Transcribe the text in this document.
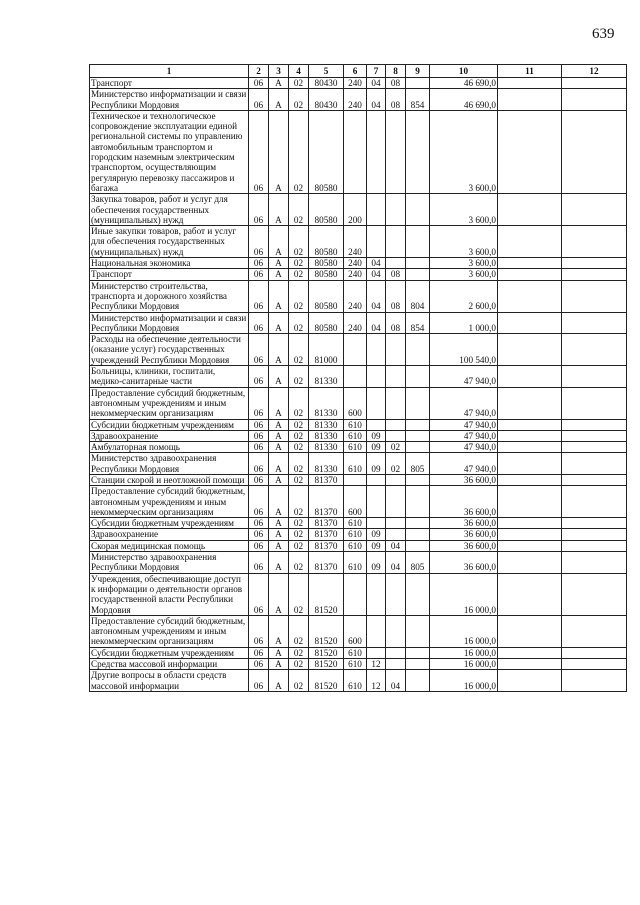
639
1	2	3	4	5	6	7	8	9	10	11	12
Транспорт	06	А	02	80430	240	04	08		46 690,0		
Министерство информатизации и связи Республики Мордовия	06	А	02	80430	240	04	08	854	46 690,0		
Техническое и технологическое сопровождение эксплуатации единой региональной системы по управлению автомобильным транспортом и городским наземным электрическим транспортом, осуществляющим регулярную перевозку пассажиров и багажа	06	А	02	80580					3 600,0		
Закупка товаров, работ и услуг для обеспечения государственных (муниципальных) нужд	06	А	02	80580	200				3 600,0		
Иные закупки товаров, работ и услуг для обеспечения государственных (муниципальных) нужд	06	А	02	80580	240				3 600,0		
Национальная экономика	06	А	02	80580	240	04			3 600,0		
Транспорт	06	А	02	80580	240	04	08		3 600,0		
Министерство строительства, транспорта и дорожного хозяйства Республики Мордовия	06	А	02	80580	240	04	08	804	2 600,0		
Министерство информатизации и связи Республики Мордовия	06	А	02	80580	240	04	08	854	1 000,0		
Расходы на обеспечение деятельности (оказание услуг) государственных учреждений Республики Мордовия	06	А	02	81000					100 540,0		
Больницы, клиники, госпитали, медико-санитарные части	06	А	02	81330					47 940,0		
Предоставление субсидий бюджетным, автономным учреждениям и иным некоммерческим организациям	06	А	02	81330	600				47 940,0		
Субсидии бюджетным учреждениям	06	А	02	81330	610				47 940,0		
Здравоохранение	06	А	02	81330	610	09			47 940,0		
Амбулаторная помощь	06	А	02	81330	610	09	02		47 940,0		
Министерство здравоохранения Республики Мордовия	06	А	02	81330	610	09	02	805	47 940,0		
Станции скорой и неотложной помощи	06	А	02	81370					36 600,0		
Предоставление субсидий бюджетным, автономным учреждениям и иным некоммерческим организациям	06	А	02	81370	600				36 600,0		
Субсидии бюджетным учреждениям	06	А	02	81370	610				36 600,0		
Здравоохранение	06	А	02	81370	610	09			36 600,0		
Скорая медицинская помощь	06	А	02	81370	610	09	04		36 600,0		
Министерство здравоохранения Республики Мордовия	06	А	02	81370	610	09	04	805	36 600,0		
Учреждения, обеспечивающие доступ к информации о деятельности органов государственной власти Республики Мордовия	06	А	02	81520					16 000,0		
Предоставление субсидий бюджетным, автономным учреждениям и иным некоммерческим организациям	06	А	02	81520	600				16 000,0		
Субсидии бюджетным учреждениям	06	А	02	81520	610				16 000,0		
Средства массовой информации	06	А	02	81520	610	12			16 000,0		
Другие вопросы в области средств массовой информации	06	А	02	81520	610	12	04		16 000,0		
